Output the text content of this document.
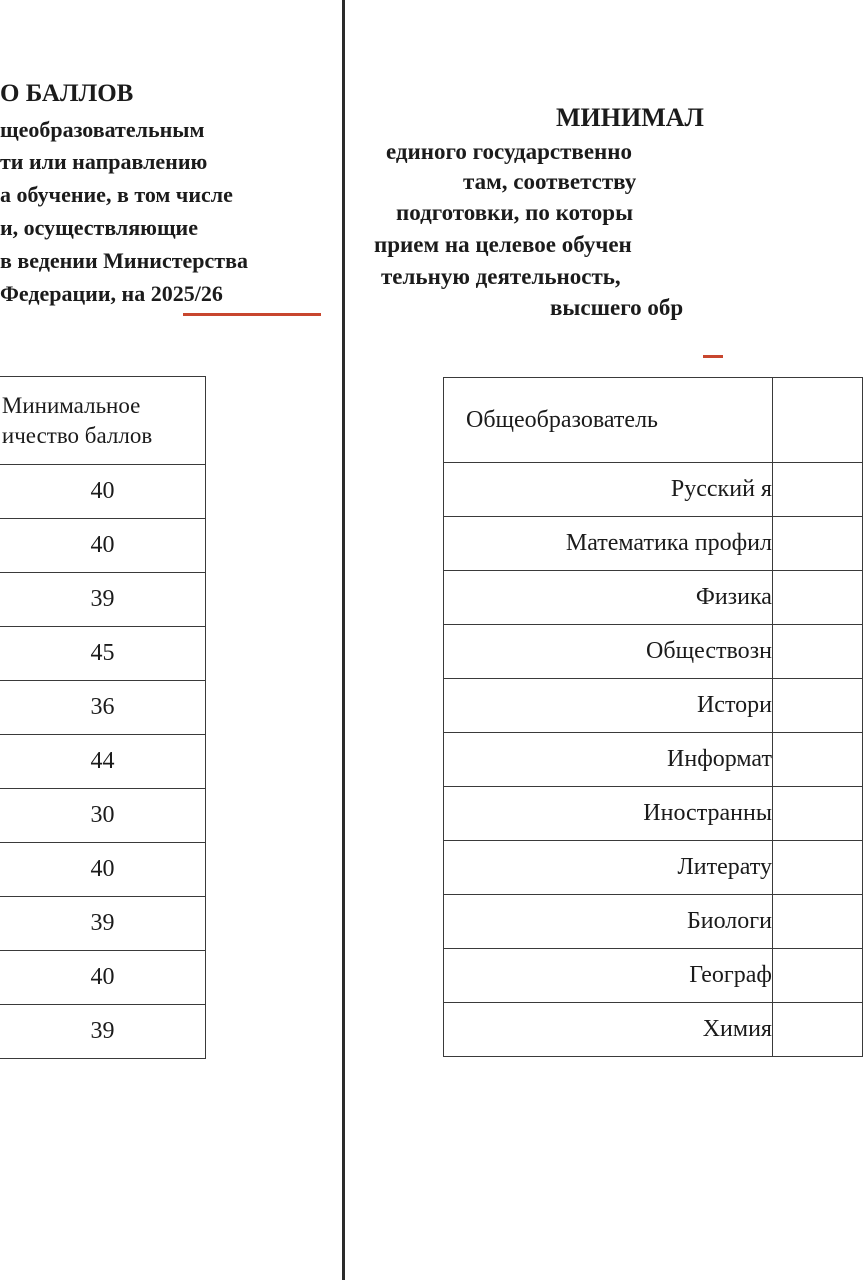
О БАЛЛОВ
щеобразовательным
ти или направлению
а обучение, в том числе
и, осуществляющие
в ведении Министерства
Федерации, на 2025/26

	Минимальное
ичество баллов

	40
	40
	39
	45
	36
	44
	30
	40
	39
	40
	39
МИНИМАЛ
единого государственно
там, соответству
подготовки, по которы
прием на целевое обучен
тельную деятельность,
высшего обр
Общеобразователь	
Русский я	
Математика профил	
Физика	
Обществозн	
Истори	
Информат	
Иностранны	
Литерату	
Биологи	
Географ	
Химия	
